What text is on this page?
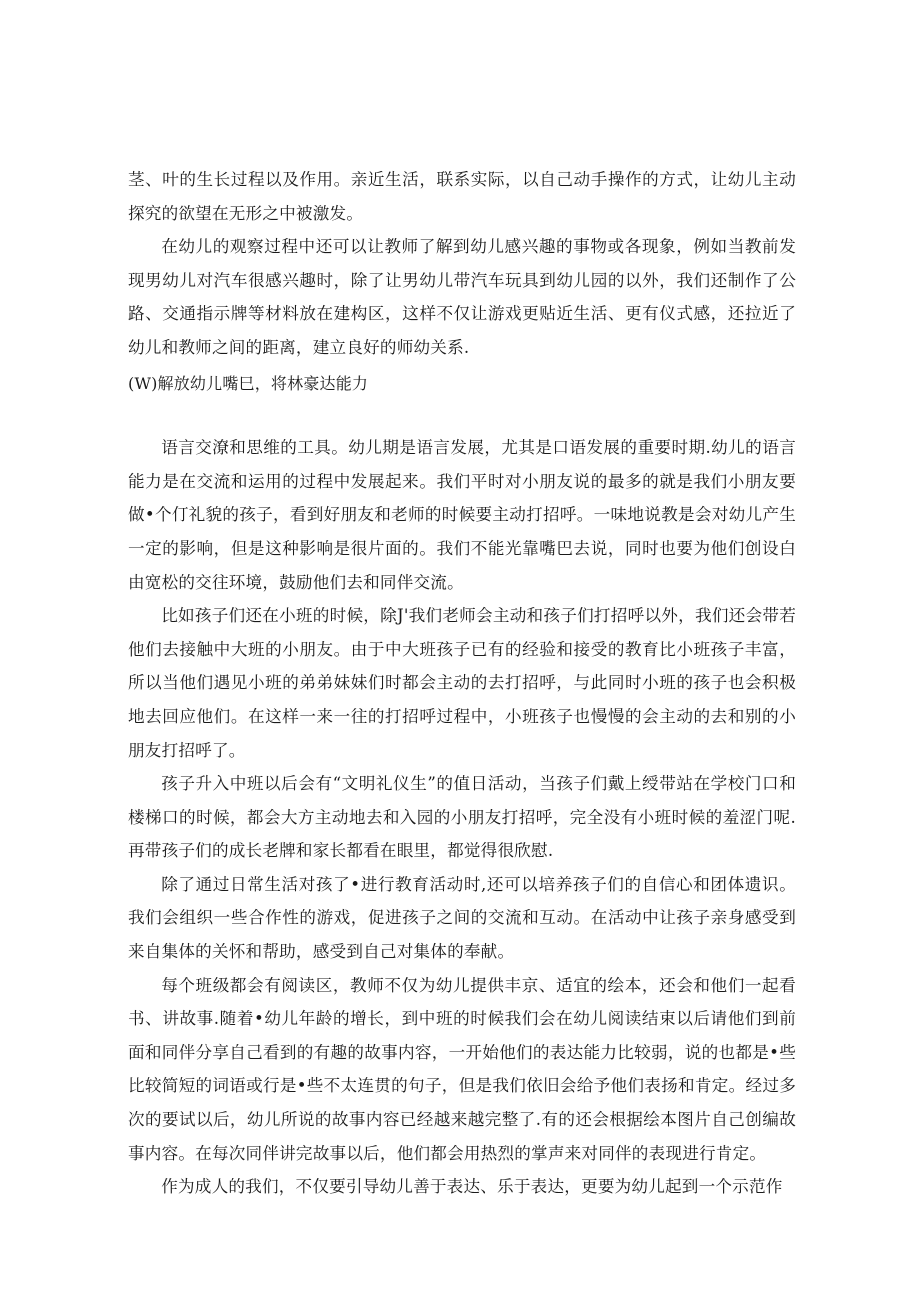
茎、叶的生长过程以及作用。亲近生活，联系实际，以自己动手操作的方式，让幼儿主动探究的欲望在无形之中被激发。

在幼儿的观察过程中还可以让教师了解到幼儿感兴趣的事物或各现象，例如当教前发现男幼儿对汽车很感兴趣时，除了让男幼儿带汽车玩具到幼儿园的以外，我们还制作了公路、交通指示牌等材料放在建构区，这样不仅让游戏更贴近生活、更有仪式感，还拉近了幼儿和教师之间的距离，建立良好的师幼关系.

(W)解放幼儿嘴巳，将林豪达能力

语言交潦和思维的工具。幼儿期是语言发展，尤其是口语发展的重要时期.幼儿的语言能力是在交流和运用的过程中发展起来。我们平时对小朋友说的最多的就是我们小朋友要做•个仃礼貌的孩子，看到好朋友和老师的时候要主动打招呼。一味地说教是会对幼儿产生一定的影响，但是这种影响是很片面的。我们不能光靠嘴巴去说，同时也要为他们创设白由宽松的交往环境，鼓励他们去和同伴交流。

比如孩子们还在小班的时候，除J'我们老师会主动和孩子们打招呼以外，我们还会带若他们去接触中大班的小朋友。由于中大班孩子已有的经验和接受的教育比小班孩子丰富，所以当他们遇见小班的弟弟妹妹们时都会主动的去打招呼，与此同时小班的孩子也会积极地去回应他们。在这样一来一往的打招呼过程中，小班孩子也慢慢的会主动的去和别的小朋友打招呼了。

孩子升入中班以后会有“文明礼仪生”的值日活动，当孩子们戴上绶带站在学校门口和楼梯口的时候，都会大方主动地去和入园的小朋友打招呼，完全没有小班时候的羞涩门呢.再带孩子们的成长老牌和家长都看在眼里，都觉得很欣慰.

除了通过日常生活对孩了•进行教育活动时,还可以培养孩子们的自信心和团体遗识。我们会组织一些合作性的游戏，促进孩子之间的交流和互动。在活动中让孩子亲身感受到来自集体的关怀和帮助，感受到自己对集体的奉献。

每个班级都会有阅读区，教师不仅为幼儿提供丰京、适宜的绘本，还会和他们一起看书、讲故事.随着•幼儿年龄的增长，到中班的时候我们会在幼儿阅读结束以后请他们到前面和同伴分享自己看到的有趣的故事内容，一开始他们的表达能力比较弱，说的也都是•些比较简短的词语或行是•些不太连贯的句子，但是我们依旧会给予他们表扬和肯定。经过多次的要试以后，幼儿所说的故事内容已经越来越完整了.有的还会根据绘本图片自己创编故事内容。在每次同伴讲完故事以后，他们都会用热烈的掌声来对同伴的表现进行肯定。

作为成人的我们，不仅要引导幼儿善于表达、乐于表达，更要为幼儿起到一个示范作
